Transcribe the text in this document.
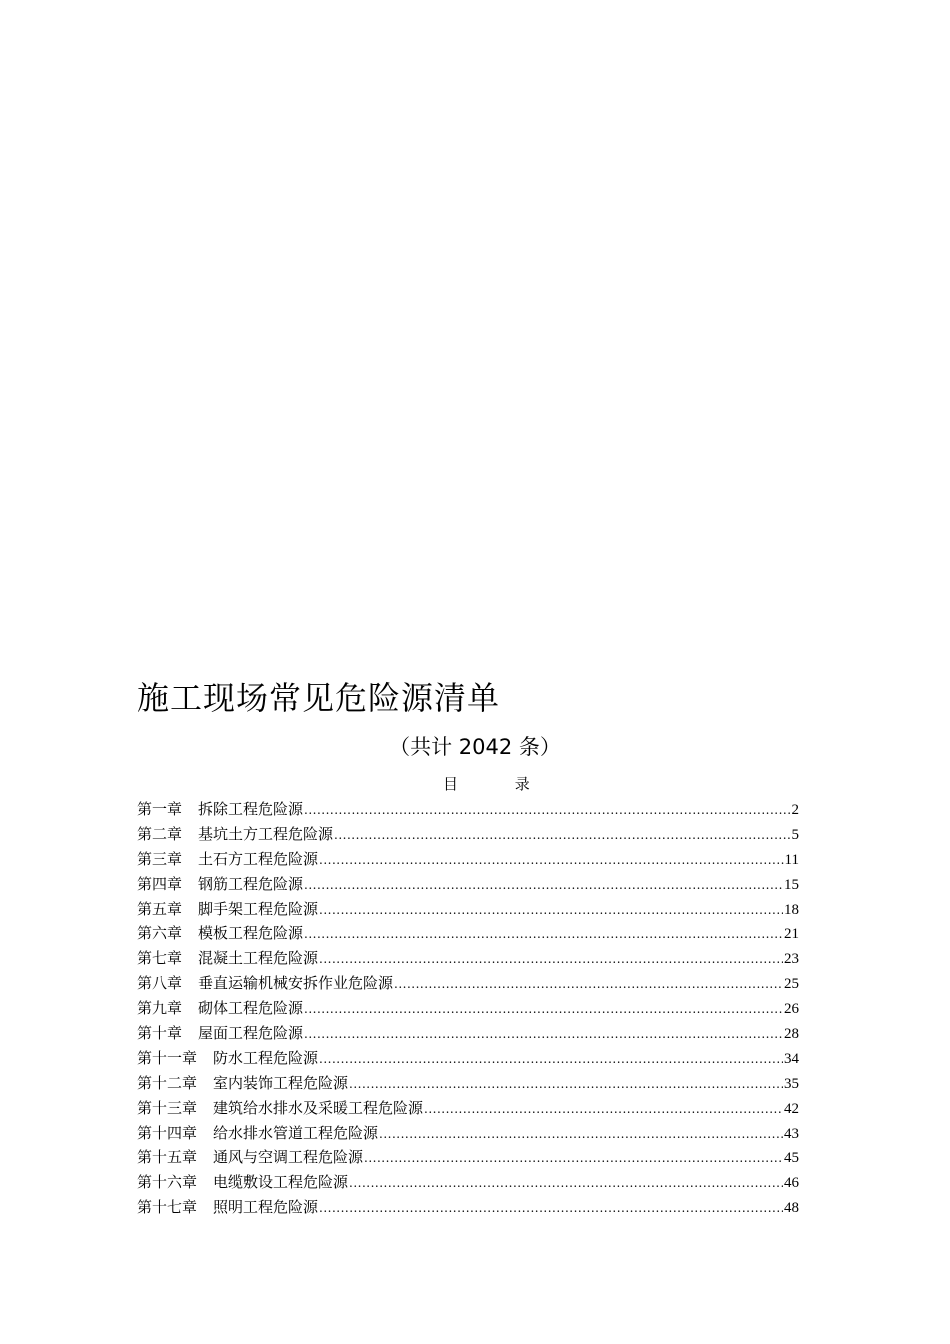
施工现场常见危险源清单

（共计 2042 条）

目 录

第一章 拆除工程危险源 .....	2
第二章 基坑土方工程危险源 .....	5
第三章 土石方工程危险源 .....	11
第四章 钢筋工程危险源 .....	15
第五章 脚手架工程危险源 .....	18
第六章 模板工程危险源 .....	21
第七章 混凝土工程危险源 .....	23
第八章 垂直运输机械安拆作业危险源 .....	25
第九章 砌体工程危险源 .....	26
第十章 屋面工程危险源 .....	28
第十一章 防水工程危险源 .....	34
第十二章 室内装饰工程危险源 .....	35
第十三章 建筑给水排水及采暖工程危险源 .....	42
第十四章 给水排水管道工程危险源 .....	43
第十五章 通风与空调工程危险源 .....	45
第十六章 电缆敷设工程危险源 .....	46
第十七章 照明工程危险源 .....	48
